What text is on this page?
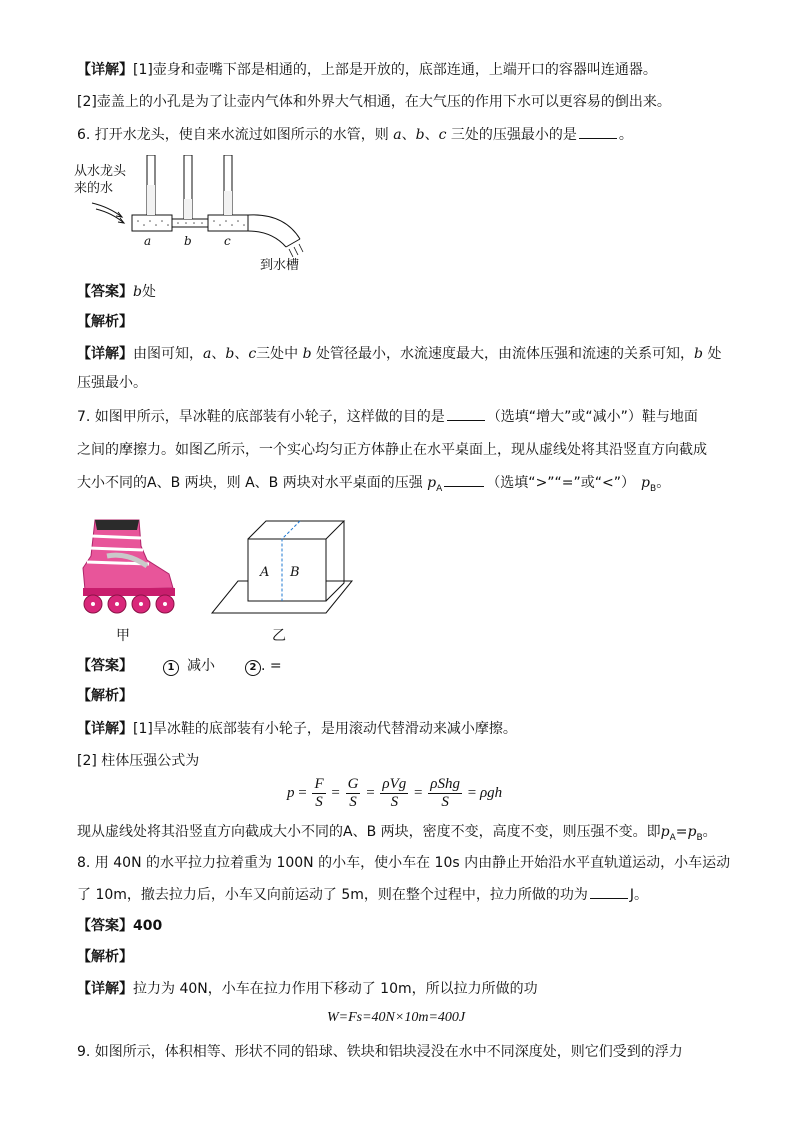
【详解】[1]壶身和壶嘴下部是相通的，上部是开放的，底部连通，上端开口的容器叫连通器。
[2]壶盖上的小孔是为了让壶内气体和外界大气相通，在大气压的作用下水可以更容易的倒出来。
6. 打开水龙头，使自来水流过如图所示的水管，则 a、b、c 三处的压强最小的是	。
从水龙头
来的水
a	b	c
到水槽
【答案】b处
【解析】
【详解】由图可知，a、b、c三处中 b 处管径最小，水流速度最大，由流体压强和流速的关系可知，b 处
压强最小。
7. 如图甲所示，旱冰鞋的底部装有小轮子，这样做的目的是	（选填“增大”或“减小”）鞋与地面
之间的摩擦力。如图乙所示，一个实心均匀正方体静止在水平桌面上，现从虚线处将其沿竖直方向截成
大小不同的A、B 两块，则 A、B 两块对水平桌面的压强 $p_A$	（选填“>”“=”或“<”） $p_B$。
甲
A B
乙
【答案】	1 减小	2 . =
【解析】
【详解】[1]旱冰鞋的底部装有小轮子，是用滚动代替滑动来减小摩擦。
[2] 柱体压强公式为
$p = \frac{F}{S} = \frac{G}{S} = \frac{\text{ρVg}}{S} = \frac{\text{ρShg}}{S} = \rho gh$
现从虚线处将其沿竖直方向截成大小不同的A、B 两块，密度不变，高度不变，则压强不变。即$p_A=p_B$。
8. 用 40N 的水平拉力拉着重为 100N 的小车，使小车在 10s 内由静止开始沿水平直轨道运动，小车运动
了 10m，撤去拉力后，小车又向前运动了 5m，则在整个过程中，拉力所做的功为	J。
【答案】400
【解析】
【详解】拉力为 40N，小车在拉力作用下移动了 10m，所以拉力所做的功
W=Fs=40N×10m=400J
9. 如图所示，体积相等、形状不同的铅球、铁块和铝块浸没在水中不同深度处，则它们受到的浮力
